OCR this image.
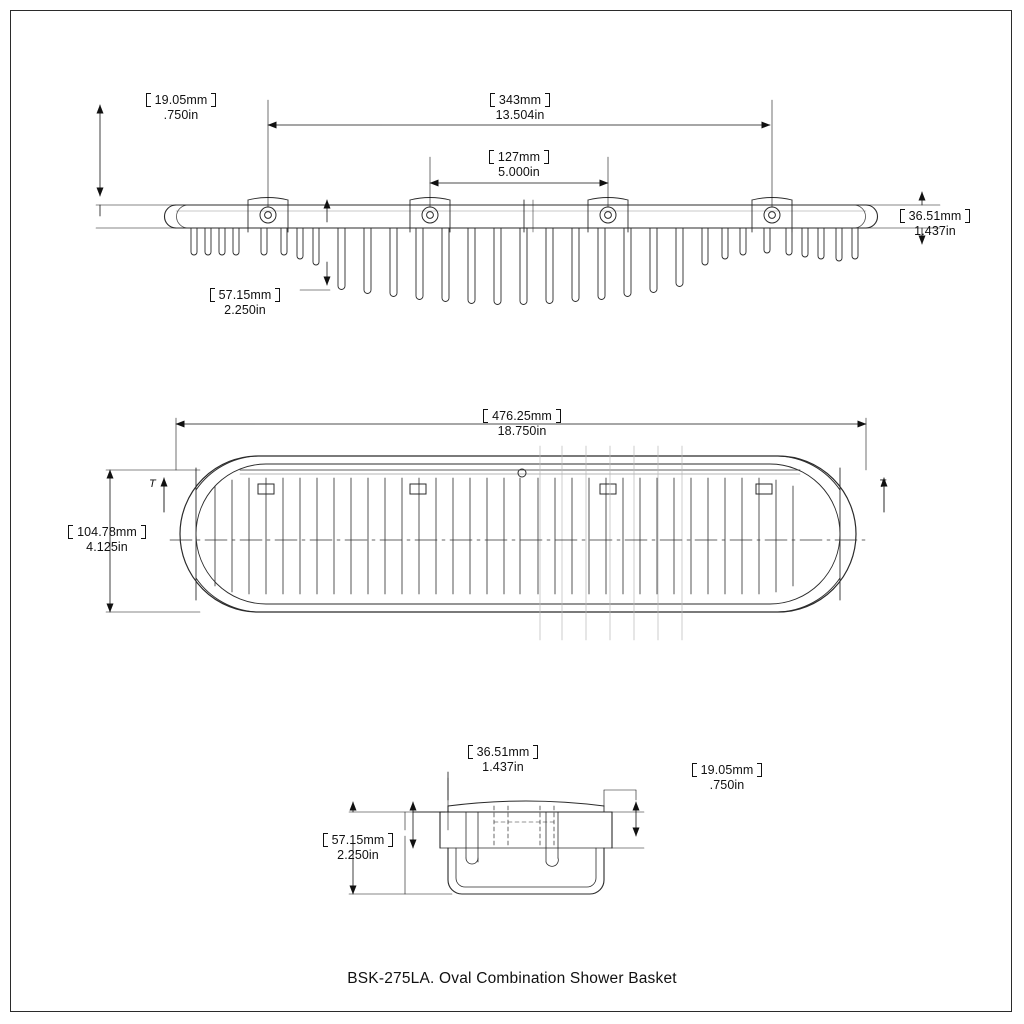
19.05mm
.750in
343mm
13.504in
127mm
5.000in
36.51mm
1.437in
57.15mm
2.250in
476.25mm
18.750in
104.78mm
4.125in
T	T
36.51mm
1.437in	19.05mm
.750in
57.15mm
2.250in
BSK-275LA. Oval Combination Shower Basket
